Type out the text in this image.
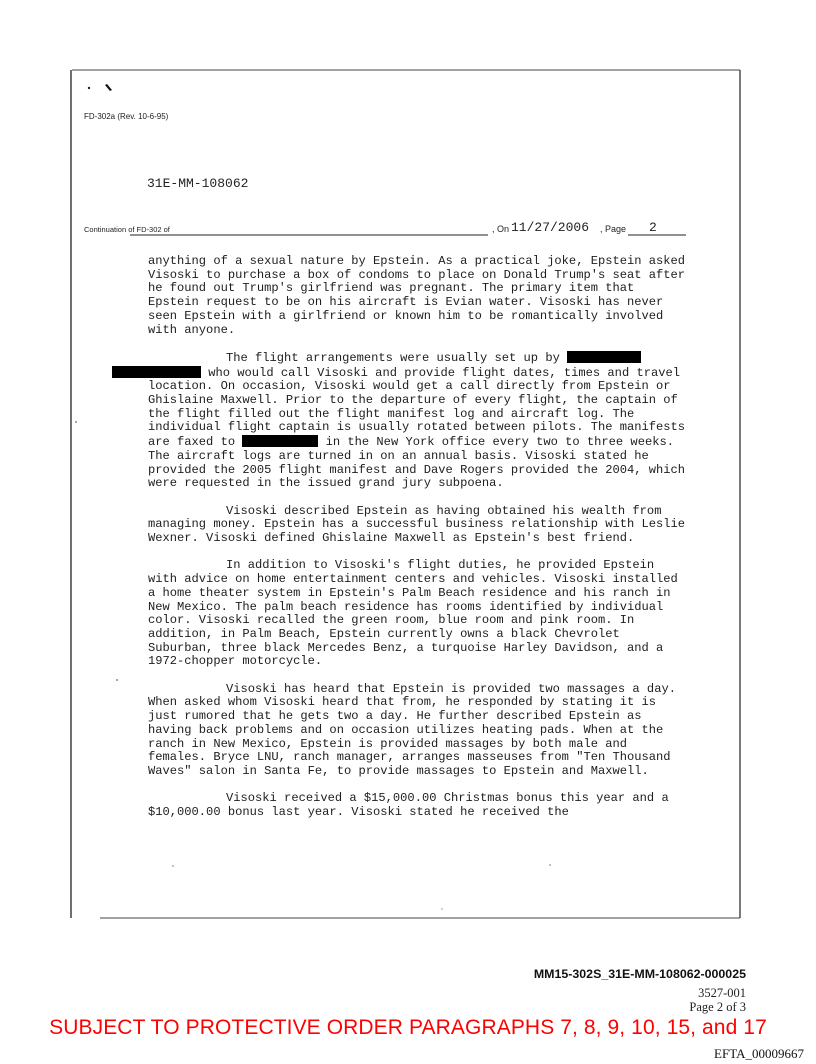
FD-302a (Rev. 10-6-95)
31E-MM-108062
Continuation of FD-302 of	, On 11/27/2006 , Page 2

anything of a sexual nature by Epstein. As a practical joke, Epstein asked Visoski to purchase a box of condoms to place on Donald Trump's seat after he found out Trump's girlfriend was pregnant. The primary item that Epstein request to be on his aircraft is Evian water. Visoski has never seen Epstein with a girlfriend or known him to be romantically involved with anyone.

The flight arrangements were usually set up by
who would call Visoski and provide flight dates, times and travel location. On occasion, Visoski would get a call directly from Epstein or Ghislaine Maxwell. Prior to the departure of every flight, the captain of the flight filled out the flight manifest log and aircraft log. The individual flight captain is usually rotated between pilots. The manifests are faxed to	in the New York office every two to three weeks. The aircraft logs are turned in on an annual basis. Visoski stated he provided the 2005 flight manifest and Dave Rogers provided the 2004, which were requested in the issued grand jury subpoena.

Visoski described Epstein as having obtained his wealth from managing money. Epstein has a successful business relationship with Leslie Wexner. Visoski defined Ghislaine Maxwell as Epstein's best friend.

In addition to Visoski's flight duties, he provided Epstein with advice on home entertainment centers and vehicles. Visoski installed a home theater system in Epstein's Palm Beach residence and his ranch in New Mexico. The palm beach residence has rooms identified by individual color. Visoski recalled the green room, blue room and pink room. In addition, in Palm Beach, Epstein currently owns a black Chevrolet Suburban, three black Mercedes Benz, a turquoise Harley Davidson, and a 1972-chopper motorcycle.

Visoski has heard that Epstein is provided two massages a day. When asked whom Visoski heard that from, he responded by stating it is just rumored that he gets two a day. He further described Epstein as having back problems and on occasion utilizes heating pads. When at the ranch in New Mexico, Epstein is provided massages by both male and females. Bryce LNU, ranch manager, arranges masseuses from "Ten Thousand Waves" salon in Santa Fe, to provide massages to Epstein and Maxwell.

Visoski received a $15,000.00 Christmas bonus this year and a $10,000.00 bonus last year. Visoski stated he received the

MM15-302S_31E-MM-108062-000025
3527-001
Page 2 of 3
SUBJECT TO PROTECTIVE ORDER PARAGRAPHS 7, 8, 9, 10, 15, and 17
EFTA_00009667
